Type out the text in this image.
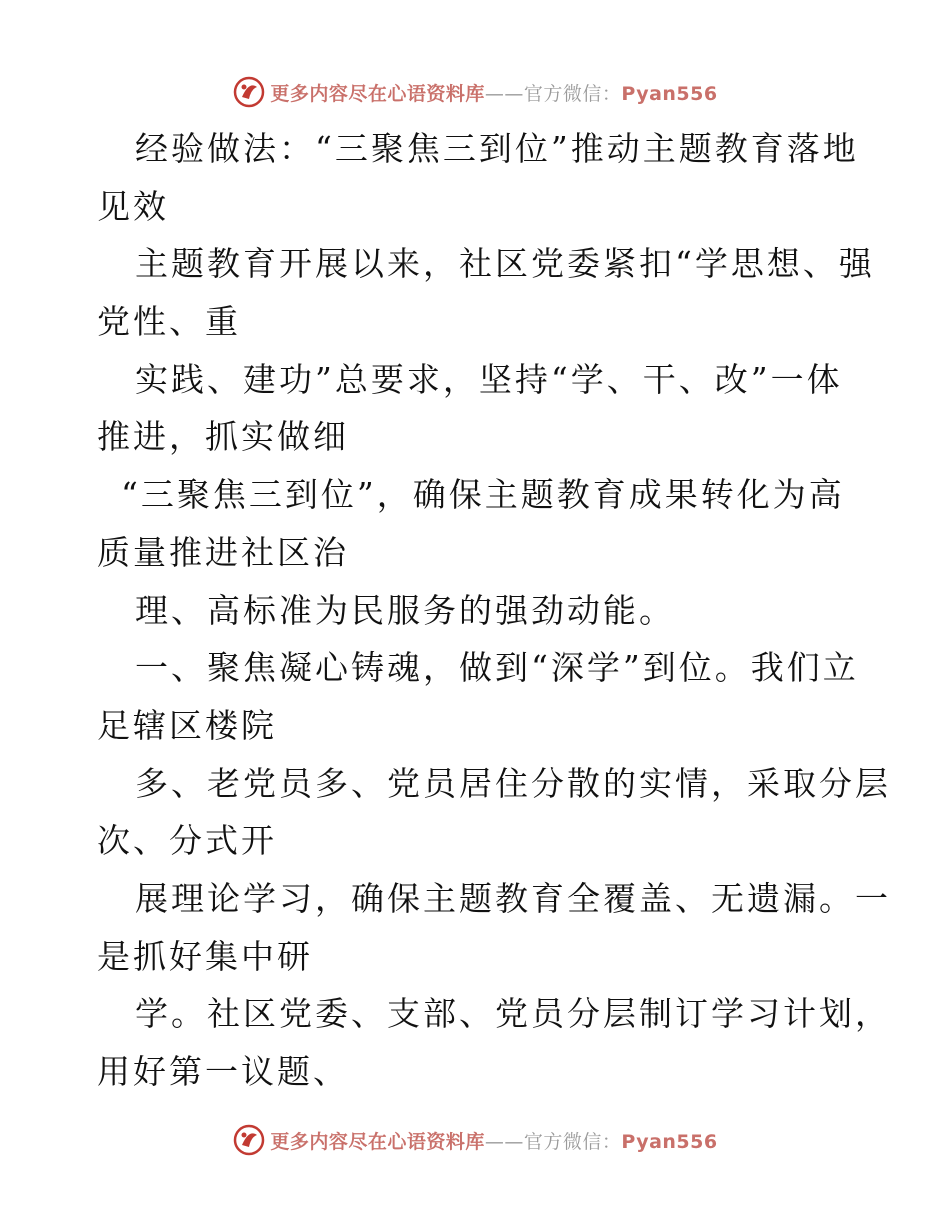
更多内容尽在心语资料库——官方微信：Pyan556
经验做法：“三聚焦三到位”推动主题教育落地
见效
主题教育开展以来，社区党委紧扣“学思想、强
党性、重
实践、建功”总要求，坚持“学、干、改”一体
推进，抓实做细
“三聚焦三到位”，确保主题教育成果转化为高
质量推进社区治
理、高标准为民服务的强劲动能。
一、聚焦凝心铸魂，做到“深学”到位。我们立
足辖区楼院
多、老党员多、党员居住分散的实情，采取分层
次、分式开
展理论学习，确保主题教育全覆盖、无遗漏。一
是抓好集中研
学。社区党委、支部、党员分层制订学习计划，
用好第一议题、
更多内容尽在心语资料库——官方微信：Pyan556
